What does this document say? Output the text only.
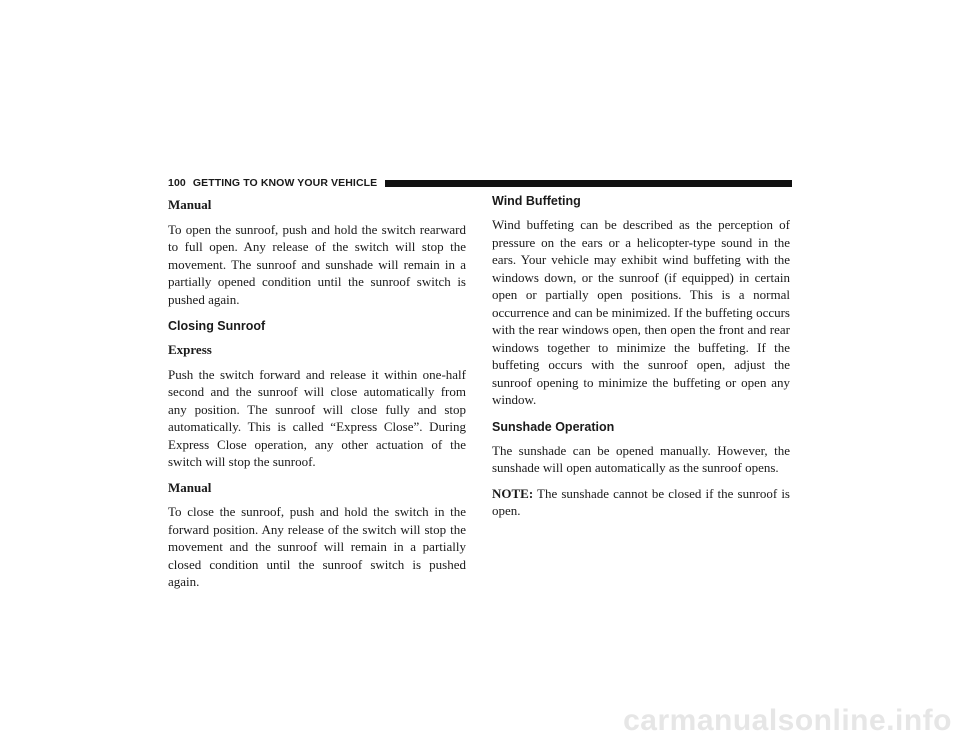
100 GETTING TO KNOW YOUR VEHICLE

Manual

To open the sunroof, push and hold the switch rearward to full open. Any release of the switch will stop the movement. The sunroof and sunshade will remain in a partially opened condition until the sunroof switch is pushed again.

Closing Sunroof

Express

Push the switch forward and release it within one-half second and the sunroof will close automatically from any position. The sunroof will close fully and stop automatically. This is called “Express Close”. During Express Close operation, any other actuation of the switch will stop the sunroof.

Manual

To close the sunroof, push and hold the switch in the forward position. Any release of the switch will stop the movement and the sunroof will remain in a partially closed condition until the sunroof switch is pushed again.

Wind Buffeting

Wind buffeting can be described as the perception of pressure on the ears or a helicopter-type sound in the ears. Your vehicle may exhibit wind buffeting with the windows down, or the sunroof (if equipped) in certain open or partially open positions. This is a normal occurrence and can be minimized. If the buffeting occurs with the rear windows open, then open the front and rear windows together to minimize the buffeting. If the buffeting occurs with the sunroof open, adjust the sunroof opening to minimize the buffeting or open any window.

Sunshade Operation

The sunshade can be opened manually. However, the sunshade will open automatically as the sunroof opens.

NOTE: The sunshade cannot be closed if the sunroof is open.

carmanualsonline.info
